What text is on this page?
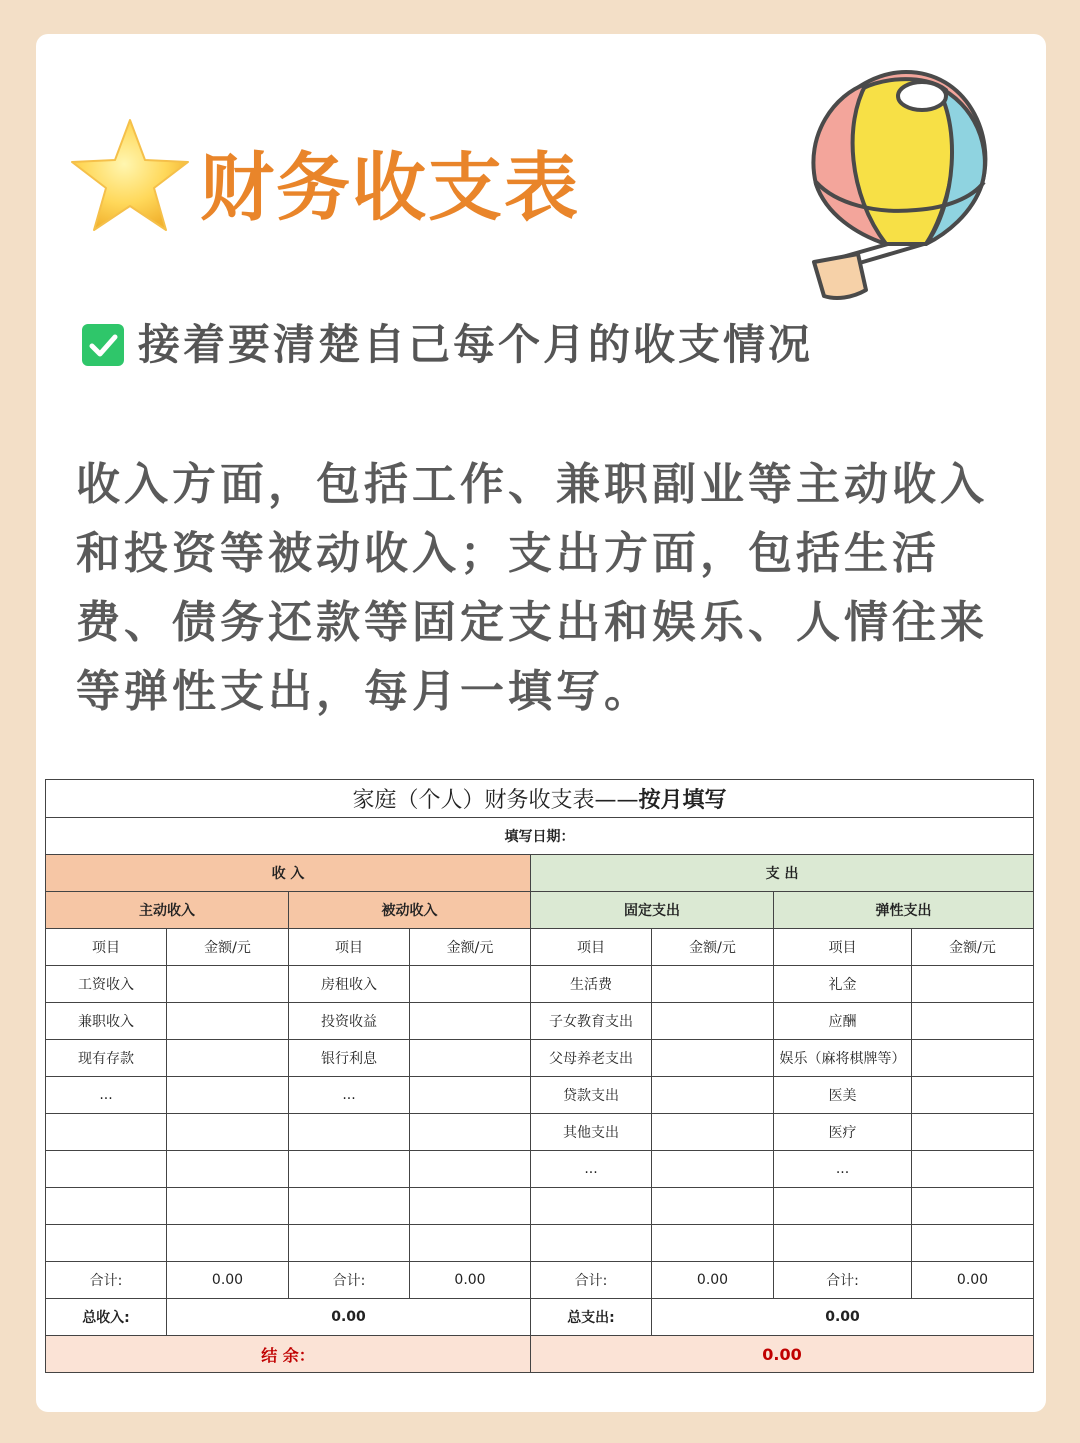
财务收支表
接着要清楚自己每个月的收支情况
收入方面，包括工作、兼职副业等主动收入和投资等被动收入；支出方面，包括生活费、债务还款等固定支出和娱乐、人情往来等弹性支出，每月一填写。
家庭（个人）财务收支表——按月填写							
填写日期：							
收 入				支 出			
主动收入		被动收入		固定支出		弹性支出	
项目	金额/元	项目	金额/元	项目	金额/元	项目	金额/元
工资收入		房租收入		生活费		礼金	
兼职收入		投资收益		子女教育支出		应酬	
现有存款		银行利息		父母养老支出		娱乐（麻将棋牌等）	
...		...		贷款支出		医美	
				其他支出		医疗	
				...		...	

合计:	0.00	合计:	0.00	合计:	0.00	合计:	0.00
总收入:	0.00			总支出:	0.00		
结 余：				0.00			
